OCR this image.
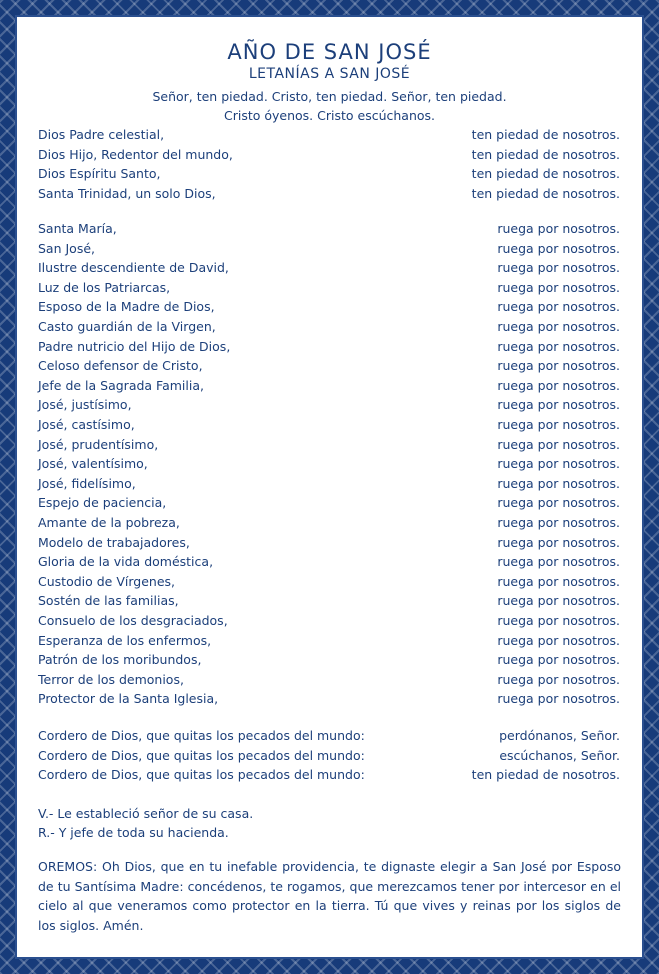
AÑO DE SAN JOSÉ
LETANÍAS A SAN JOSÉ
Señor, ten piedad. Cristo, ten piedad. Señor, ten piedad.
Cristo óyenos. Cristo escúchanos.
Dios Padre celestial,	ten piedad de nosotros.
Dios Hijo, Redentor del mundo,	ten piedad de nosotros.
Dios Espíritu Santo,	ten piedad de nosotros.
Santa Trinidad, un solo Dios,	ten piedad de nosotros.
Santa María,	ruega por nosotros.
San José,	ruega por nosotros.
Ilustre descendiente de David,	ruega por nosotros.
Luz de los Patriarcas,	ruega por nosotros.
Esposo de la Madre de Dios,	ruega por nosotros.
Casto guardián de la Virgen,	ruega por nosotros.
Padre nutricio del Hijo de Dios,	ruega por nosotros.
Celoso defensor de Cristo,	ruega por nosotros.
Jefe de la Sagrada Familia,	ruega por nosotros.
José, justísimo,	ruega por nosotros.
José, castísimo,	ruega por nosotros.
José, prudentísimo,	ruega por nosotros.
José, valentísimo,	ruega por nosotros.
José, fidelísimo,	ruega por nosotros.
Espejo de paciencia,	ruega por nosotros.
Amante de la pobreza,	ruega por nosotros.
Modelo de trabajadores,	ruega por nosotros.
Gloria de la vida doméstica,	ruega por nosotros.
Custodio de Vírgenes,	ruega por nosotros.
Sostén de las familias,	ruega por nosotros.
Consuelo de los desgraciados,	ruega por nosotros.
Esperanza de los enfermos,	ruega por nosotros.
Patrón de los moribundos,	ruega por nosotros.
Terror de los demonios,	ruega por nosotros.
Protector de la Santa Iglesia,	ruega por nosotros.
Cordero de Dios, que quitas los pecados del mundo:	perdónanos, Señor.
Cordero de Dios, que quitas los pecados del mundo:	escúchanos, Señor.
Cordero de Dios, que quitas los pecados del mundo:	ten piedad de nosotros.
V.- Le estableció señor de su casa.
R.- Y jefe de toda su hacienda.
OREMOS: Oh Dios, que en tu inefable providencia, te dignaste elegir a San José por Esposo de tu Santísima Madre: concédenos, te rogamos, que merezcamos tener por intercesor en el cielo al que veneramos como protector en la tierra. Tú que vives y reinas por los siglos de los siglos. Amén.
